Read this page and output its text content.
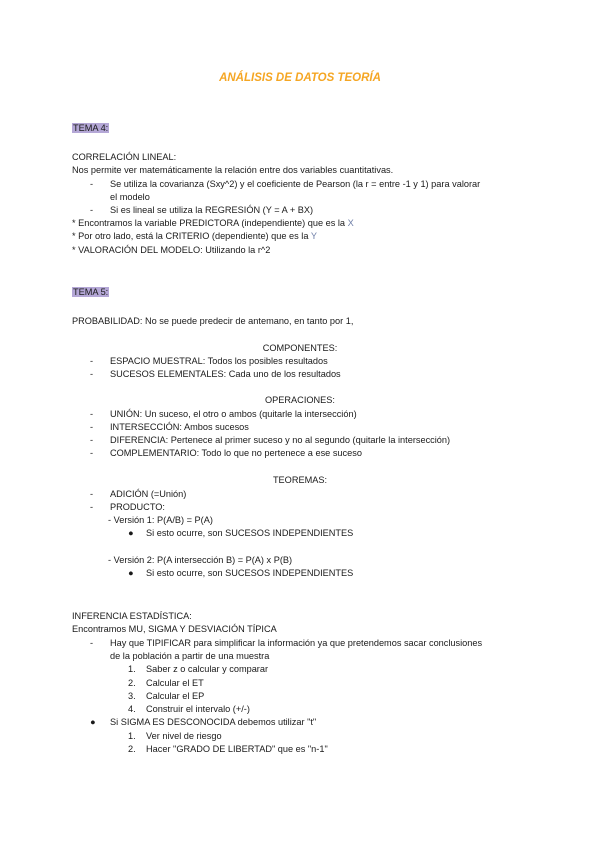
ANÁLISIS DE DATOS TEORÍA
TEMA 4:
CORRELACIÓN LINEAL:
Nos permite ver matemáticamente la relación entre dos variables cuantitativas.
- Se utiliza la covarianza (Sxy^2) y el coeficiente de Pearson (la r = entre -1 y 1) para valorar
el modelo
- Si es lineal se utiliza la REGRESIÓN (Y = A + BX)
* Encontramos la variable PREDICTORA (independiente) que es la X
* Por otro lado, está la CRITERIO (dependiente) que es la Y
* VALORACIÓN DEL MODELO: Utilizando la r^2
TEMA 5:
PROBABILIDAD: No se puede predecir de antemano, en tanto por 1,
COMPONENTES:
- ESPACIO MUESTRAL: Todos los posibles resultados
- SUCESOS ELEMENTALES: Cada uno de los resultados
OPERACIONES:
- UNIÓN: Un suceso, el otro o ambos (quitarle la intersección)
- INTERSECCIÓN: Ambos sucesos
- DIFERENCIA: Pertenece al primer suceso y no al segundo (quitarle la intersección)
- COMPLEMENTARIO: Todo lo que no pertenece a ese suceso
TEOREMAS:
- ADICIÓN (=Unión)
- PRODUCTO:
- Versión 1: P(A/B) = P(A)
● Si esto ocurre, son SUCESOS INDEPENDIENTES
- Versión 2: P(A intersección B) = P(A) x P(B)
● Si esto ocurre, son SUCESOS INDEPENDIENTES
INFERENCIA ESTADÍSTICA:
Encontramos MU, SIGMA Y DESVIACIÓN TÍPICA
- Hay que TIPIFICAR para simplificar la información ya que pretendemos sacar conclusiones
de la población a partir de una muestra
1. Saber z o calcular y comparar
2. Calcular el ET
3. Calcular el EP
4. Construir el intervalo (+/-)
● Si SIGMA ES DESCONOCIDA debemos utilizar "t"
1. Ver nivel de riesgo
2. Hacer "GRADO DE LIBERTAD" que es "n-1"
